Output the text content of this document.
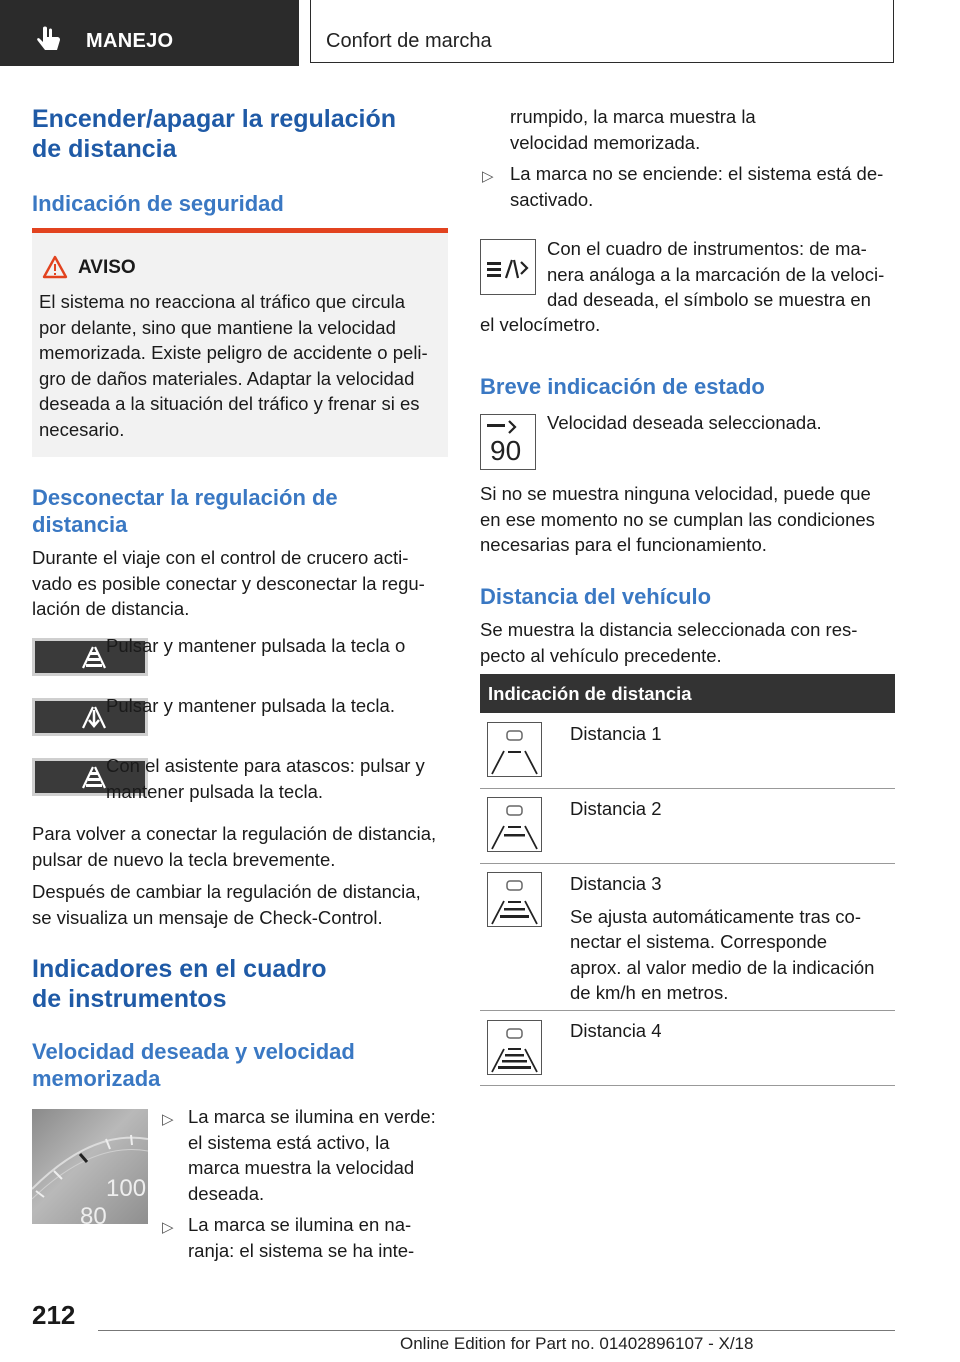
MANEJO	Confort de marcha
Encender/apagar la regulación
de distancia
Indicación de seguridad
AVISO
El sistema no reacciona al tráfico que circula
por delante, sino que mantiene la velocidad
memorizada. Existe peligro de accidente o peli‐
gro de daños materiales. Adaptar la velocidad
deseada a la situación del tráfico y frenar si es
necesario.
Desconectar la regulación de
distancia
Durante el viaje con el control de crucero acti‐
vado es posible conectar y desconectar la regu‐
lación de distancia.
Pulsar y mantener pulsada la tecla o
Pulsar y mantener pulsada la tecla.
Con el asistente para atascos: pulsar y
mantener pulsada la tecla.
Para volver a conectar la regulación de distancia,
pulsar de nuevo la tecla brevemente.
Después de cambiar la regulación de distancia,
se visualiza un mensaje de Check-Control.
Indicadores en el cuadro
de instrumentos
Velocidad deseada y velocidad
memorizada
100
80
▷ La marca se ilumina en verde:
el sistema está activo, la
marca muestra la velocidad
deseada.
▷ La marca se ilumina en na‐
ranja: el sistema se ha inte‐
rrumpido, la marca muestra la
velocidad memorizada.
▷ La marca no se enciende: el sistema está de‐
sactivado.
Con el cuadro de instrumentos: de ma‐
nera análoga a la marcación de la veloci‐
dad deseada, el símbolo se muestra en
el velocímetro.
Breve indicación de estado
90
Velocidad deseada seleccionada.
Si no se muestra ninguna velocidad, puede que
en ese momento no se cumplan las condiciones
necesarias para el funcionamiento.
Distancia del vehículo
Se muestra la distancia seleccionada con res‐
pecto al vehículo precedente.
Indicación de distancia
Distancia 1
Distancia 2
Distancia 3
Se ajusta automáticamente tras co‐
nectar el sistema. Corresponde
aprox. al valor medio de la indicación
de km/h en metros.
Distancia 4
212
Online Edition for Part no. 01402896107 - X/18
